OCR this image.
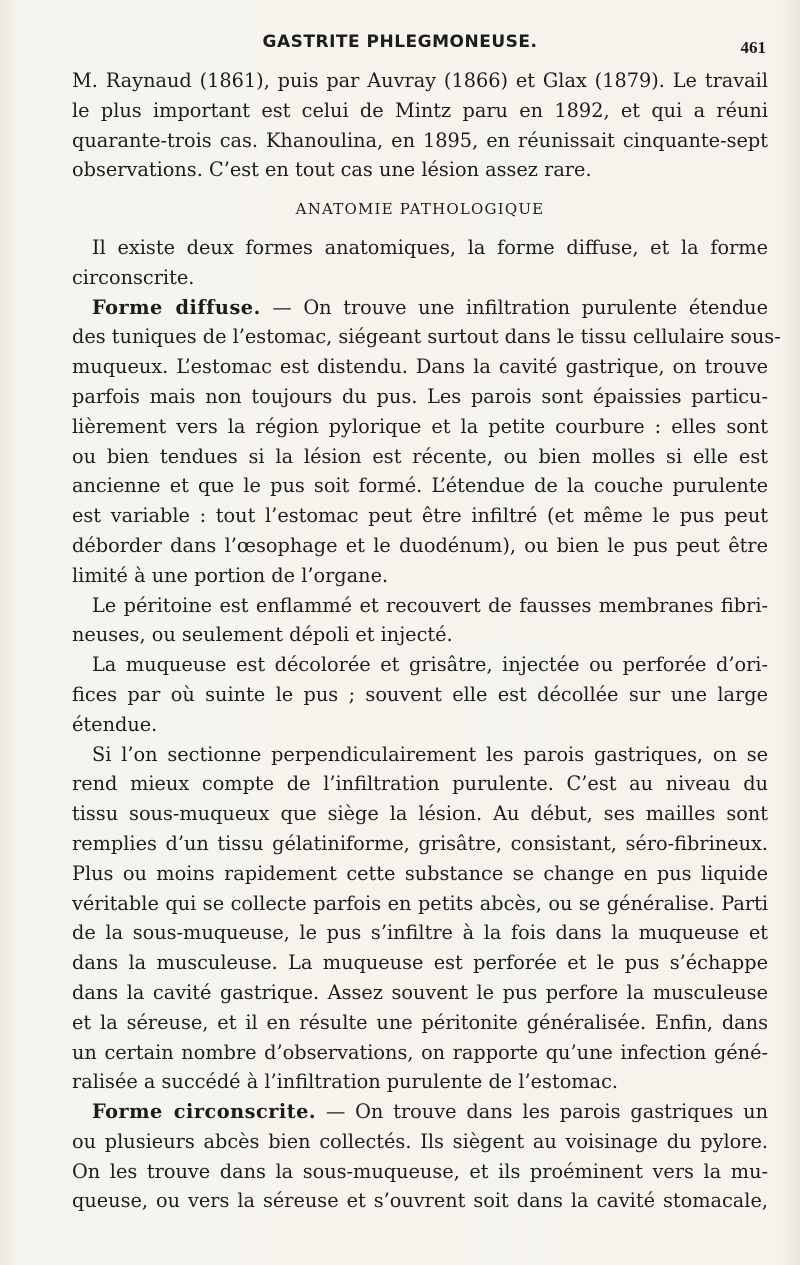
GASTRITE PHLEGMONEUSE.	461
M. Raynaud (1861), puis par Auvray (1866) et Glax (1879). Le travail
le plus important est celui de Mintz paru en 1892, et qui a réuni
quarante-trois cas. Khanoulina, en 1895, en réunissait cinquante-sept
observations. C’est en tout cas une lésion assez rare.
ANATOMIE PATHOLOGIQUE
Il existe deux formes anatomiques, la forme diffuse, et la forme
circonscrite.
Forme diffuse. — On trouve une infiltration purulente étendue
des tuniques de l’estomac, siégeant surtout dans le tissu cellulaire sous-
muqueux. L’estomac est distendu. Dans la cavité gastrique, on trouve
parfois mais non toujours du pus. Les parois sont épaissies particu-
lièrement vers la région pylorique et la petite courbure : elles sont
ou bien tendues si la lésion est récente, ou bien molles si elle est
ancienne et que le pus soit formé. L’étendue de la couche purulente
est variable : tout l’estomac peut être infiltré (et même le pus peut
déborder dans l’œsophage et le duodénum), ou bien le pus peut être
limité à une portion de l’organe.
Le péritoine est enflammé et recouvert de fausses membranes fibri-
neuses, ou seulement dépoli et injecté.
La muqueuse est décolorée et grisâtre, injectée ou perforée d’ori-
fices par où suinte le pus ; souvent elle est décollée sur une large
étendue.
Si l’on sectionne perpendiculairement les parois gastriques, on se
rend mieux compte de l’infiltration purulente. C’est au niveau du
tissu sous-muqueux que siège la lésion. Au début, ses mailles sont
remplies d’un tissu gélatiniforme, grisâtre, consistant, séro-fibrineux.
Plus ou moins rapidement cette substance se change en pus liquide
véritable qui se collecte parfois en petits abcès, ou se généralise. Parti
de la sous-muqueuse, le pus s’infiltre à la fois dans la muqueuse et
dans la musculeuse. La muqueuse est perforée et le pus s’échappe
dans la cavité gastrique. Assez souvent le pus perfore la musculeuse
et la séreuse, et il en résulte une péritonite généralisée. Enfin, dans
un certain nombre d’observations, on rapporte qu’une infection géné-
ralisée a succédé à l’infiltration purulente de l’estomac.
Forme circonscrite. — On trouve dans les parois gastriques un
ou plusieurs abcès bien collectés. Ils siègent au voisinage du pylore.
On les trouve dans la sous-muqueuse, et ils proéminent vers la mu-
queuse, ou vers la séreuse et s’ouvrent soit dans la cavité stomacale,
